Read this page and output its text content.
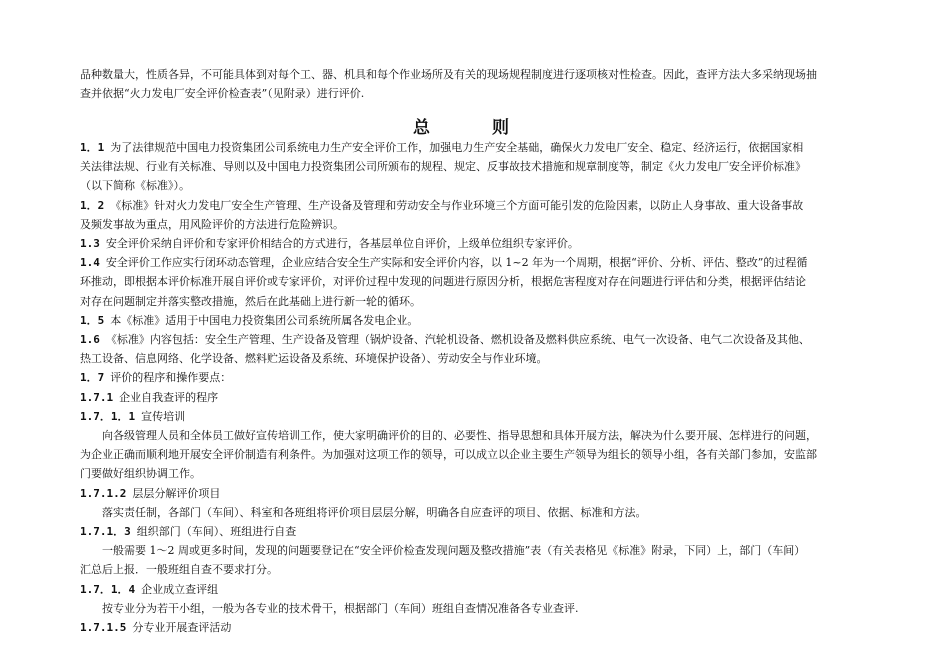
品种数量大，性质各异，不可能具体到对每个工、器、机具和每个作业场所及有关的现场规程制度进行逐项核对性检查。因此，查评方法大多采纳现场抽
查并依据“火力发电厂安全评价检查表”（见附录）进行评价.
总 则
1．1 为了法律规范中国电力投资集团公司系统电力生产安全评价工作，加强电力生产安全基础，确保火力发电厂安全、稳定、经济运行，依据国家相
关法律法规、行业有关标准、导则以及中国电力投资集团公司所颁布的规程、规定、反事故技术措施和规章制度等，制定《火力发电厂安全评价标准》
（以下简称《标准》）。
1．2 《标准》针对火力发电厂安全生产管理、生产设备及管理和劳动安全与作业环境三个方面可能引发的危险因素，以防止人身事故、重大设备事故
及频发事故为重点，用风险评价的方法进行危险辨识。
1.3 安全评价采纳自评价和专家评价相结合的方式进行，各基层单位自评价，上级单位组织专家评价。
1.4 安全评价工作应实行闭环动态管理，企业应结合安全生产实际和安全评价内容，以 1~2 年为一个周期，根据“评价、分析、评估、整改”的过程循
环推动，即根据本评价标准开展自评价或专家评价，对评价过程中发现的问题进行原因分析，根据危害程度对存在问题进行评估和分类，根据评估结论
对存在问题制定并落实整改措施，然后在此基础上进行新一轮的循环。
1．5 本《标准》适用于中国电力投资集团公司系统所属各发电企业。
1.6 《标准》内容包括：安全生产管理、生产设备及管理（锅炉设备、汽轮机设备、燃机设备及燃料供应系统、电气一次设备、电气二次设备及其他、
热工设备、信息网络、化学设备、燃料贮运设备及系统、环境保护设备）、劳动安全与作业环境。
1．7 评价的程序和操作要点：
1.7.1 企业自我查评的程序
1.7．1．1 宣传培训
　　向各级管理人员和全体员工做好宣传培训工作，使大家明确评价的目的、必要性、指导思想和具体开展方法，解决为什么要开展、怎样进行的问题，
为企业正确而顺利地开展安全评价制造有利条件。为加强对这项工作的领导，可以成立以企业主要生产领导为组长的领导小组，各有关部门参加，安监部
门要做好组织协调工作。
1.7.1.2 层层分解评价项目
　　落实责任制，各部门（车间）、科室和各班组将评价项目层层分解，明确各自应查评的项目、依据、标准和方法。
1.7.1．3 组织部门（车间）、班组进行自查
　　一般需要 1～2 周或更多时间，发现的问题要登记在“安全评价检查发现问题及整改措施”表（有关表格见《标准》附录，下同）上，部门（车间）
汇总后上报．一般班组自查不要求打分。
1.7．1．4 企业成立查评组
　　按专业分为若干小组，一般为各专业的技术骨干，根据部门（车间）班组自查情况准备各专业查评.
1.7.1.5 分专业开展查评活动
